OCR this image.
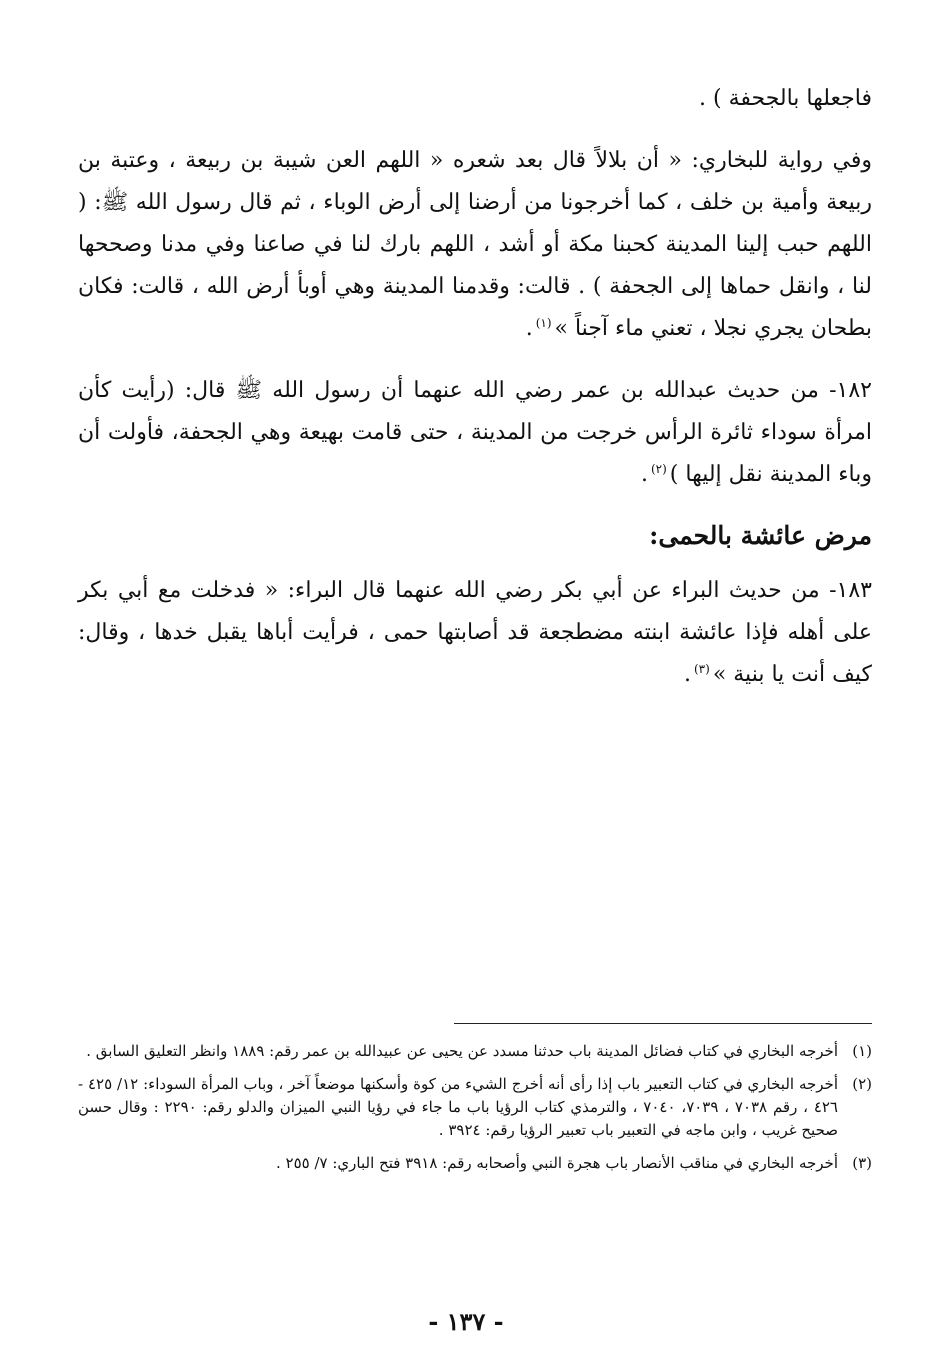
فاجعلها بالجحفة ) .

وفي رواية للبخاري: « أن بلالاً قال بعد شعره « اللهم العن شيبة بن ربيعة ، وعتبة بن ربيعة وأمية بن خلف ، كما أخرجونا من أرضنا إلى أرض الوباء ، ثم قال رسول الله ﷺ: ( اللهم حبب إلينا المدينة كحبنا مكة أو أشد ، اللهم بارك لنا في صاعنا وفي مدنا وصححها لنا ، وانقل حماها إلى الجحفة ) . قالت: وقدمنا المدينة وهي أوبأ أرض الله ، قالت: فكان بطحان يجري نجلا ، تعني ماء آجناً »$^{(١)}$.

١٨٢- من حديث عبدالله بن عمر رضي الله عنهما أن رسول الله ﷺ قال: (رأيت كأن امرأة سوداء ثائرة الرأس خرجت من المدينة ، حتى قامت بهيعة وهي الجحفة، فأولت أن وباء المدينة نقل إليها )$^{(٢)}$.

مرض عائشة بالحمى:

١٨٣- من حديث البراء عن أبي بكر رضي الله عنهما قال البراء: « فدخلت مع أبي بكر على أهله فإذا عائشة ابنته مضطجعة قد أصابتها حمى ، فرأيت أباها يقبل خدها ، وقال: كيف أنت يا بنية »$^{(٣)}$.

(١)
أخرجه البخاري في كتاب فضائل المدينة باب حدثنا مسدد عن يحيى عن عبيدالله بن عمر رقم: ١٨٨٩ وانظر التعليق السابق .

(٢)
أخرجه البخاري في كتاب التعبير باب إذا رأى أنه أخرج الشيء من كوة وأسكنها موضعاً آخر ، وباب المرأة السوداء: ١٢/ ٤٢٥ - ٤٢٦ ، رقم ٧٠٣٨ ، ٧٠٣٩، ٧٠٤٠ ، والترمذي كتاب الرؤيا باب ما جاء في رؤيا النبي الميزان والدلو رقم: ٢٢٩٠ : وقال حسن صحيح غريب ، وابن ماجه في التعبير باب تعبير الرؤيا رقم: ٣٩٢٤ .

(٣)
أخرجه البخاري في مناقب الأنصار باب هجرة النبي وأصحابه رقم: ٣٩١٨ فتح الباري: ٧/ ٢٥٥ .

- ١٣٧ -
